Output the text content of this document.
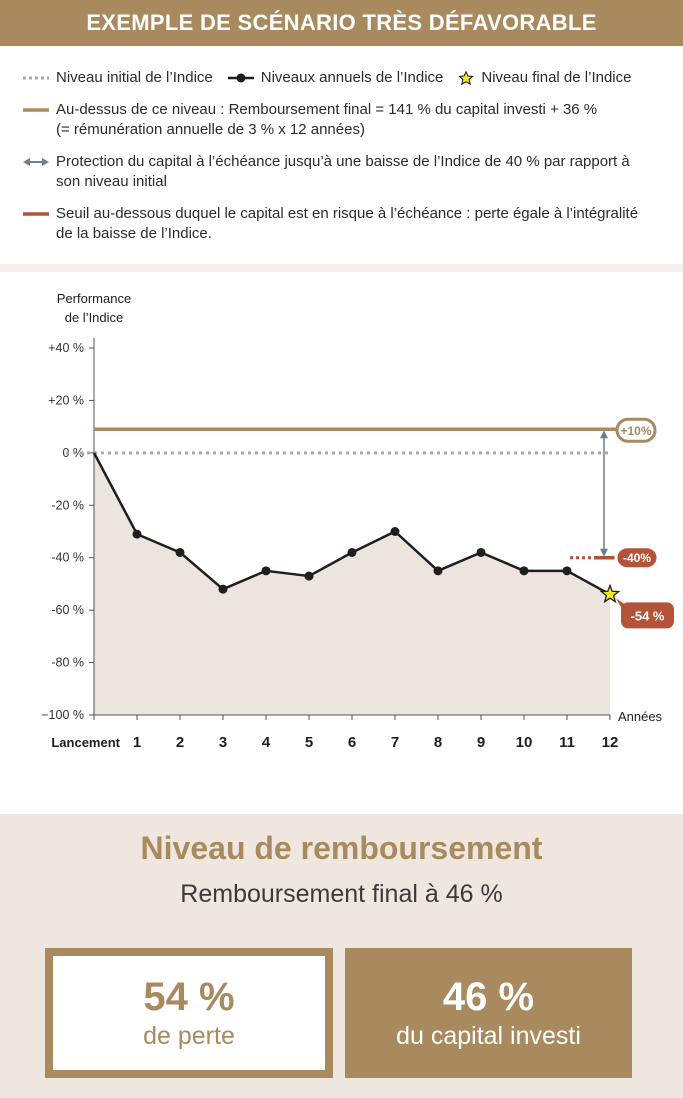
EXEMPLE DE SCÉNARIO TRÈS DÉFAVORABLE
Niveau initial de l’Indice	Niveaux annuels de l’Indice	Niveau final de l’Indice
Au-dessus de ce niveau : Remboursement final = 141 % du capital investi + 36 %
(= rémunération annuelle de 3 % x 12 années)
Protection du capital à l’échéance jusqu’à une baisse de l’Indice de 40 % par rapport à
son niveau initial
Seuil au-dessous duquel le capital est en risque à l’échéance : perte égale à l’intégralité
de la baisse de l’Indice.
Performance
de l’Indice
+40 %
+20 %
0 %
-20 %
-40 %
-60 %
-80 %
−100 %
Lancement 1 2 3 4 5 6 7 8 9 10 11 12
Années
+10%
-40%
-54 %
Niveau de remboursement
Remboursement final à 46 %
54 %
de perte
46 %
du capital investi
